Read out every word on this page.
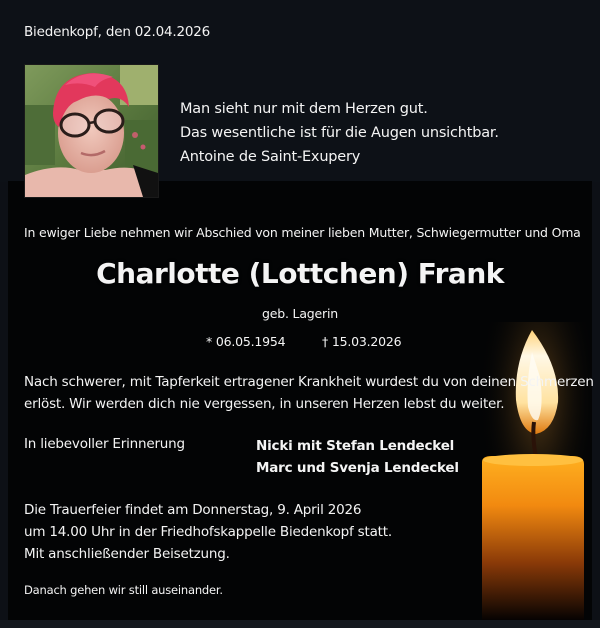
Biedenkopf, den 02.04.2026
Man sieht nur mit dem Herzen gut.
Das wesentliche ist für die Augen unsichtbar.
Antoine de Saint-Exupery
In ewiger Liebe nehmen wir Abschied von meiner lieben Mutter, Schwiegermutter und Oma
Charlotte (Lottchen) Frank
geb. Lagerin
* 06.05.1954	† 15.03.2026
Nach schwerer, mit Tapferkeit ertragener Krankheit wurdest du von deinen Schmerzen
erlöst. Wir werden dich nie vergessen, in unseren Herzen lebst du weiter.
In liebevoller Erinnerung	Nicki mit Stefan Lendeckel
Marc und Svenja Lendeckel
Die Trauerfeier findet am Donnerstag, 9. April 2026
um 14.00 Uhr in der Friedhofskappelle Biedenkopf statt.
Mit anschließender Beisetzung.
Danach gehen wir still auseinander.
